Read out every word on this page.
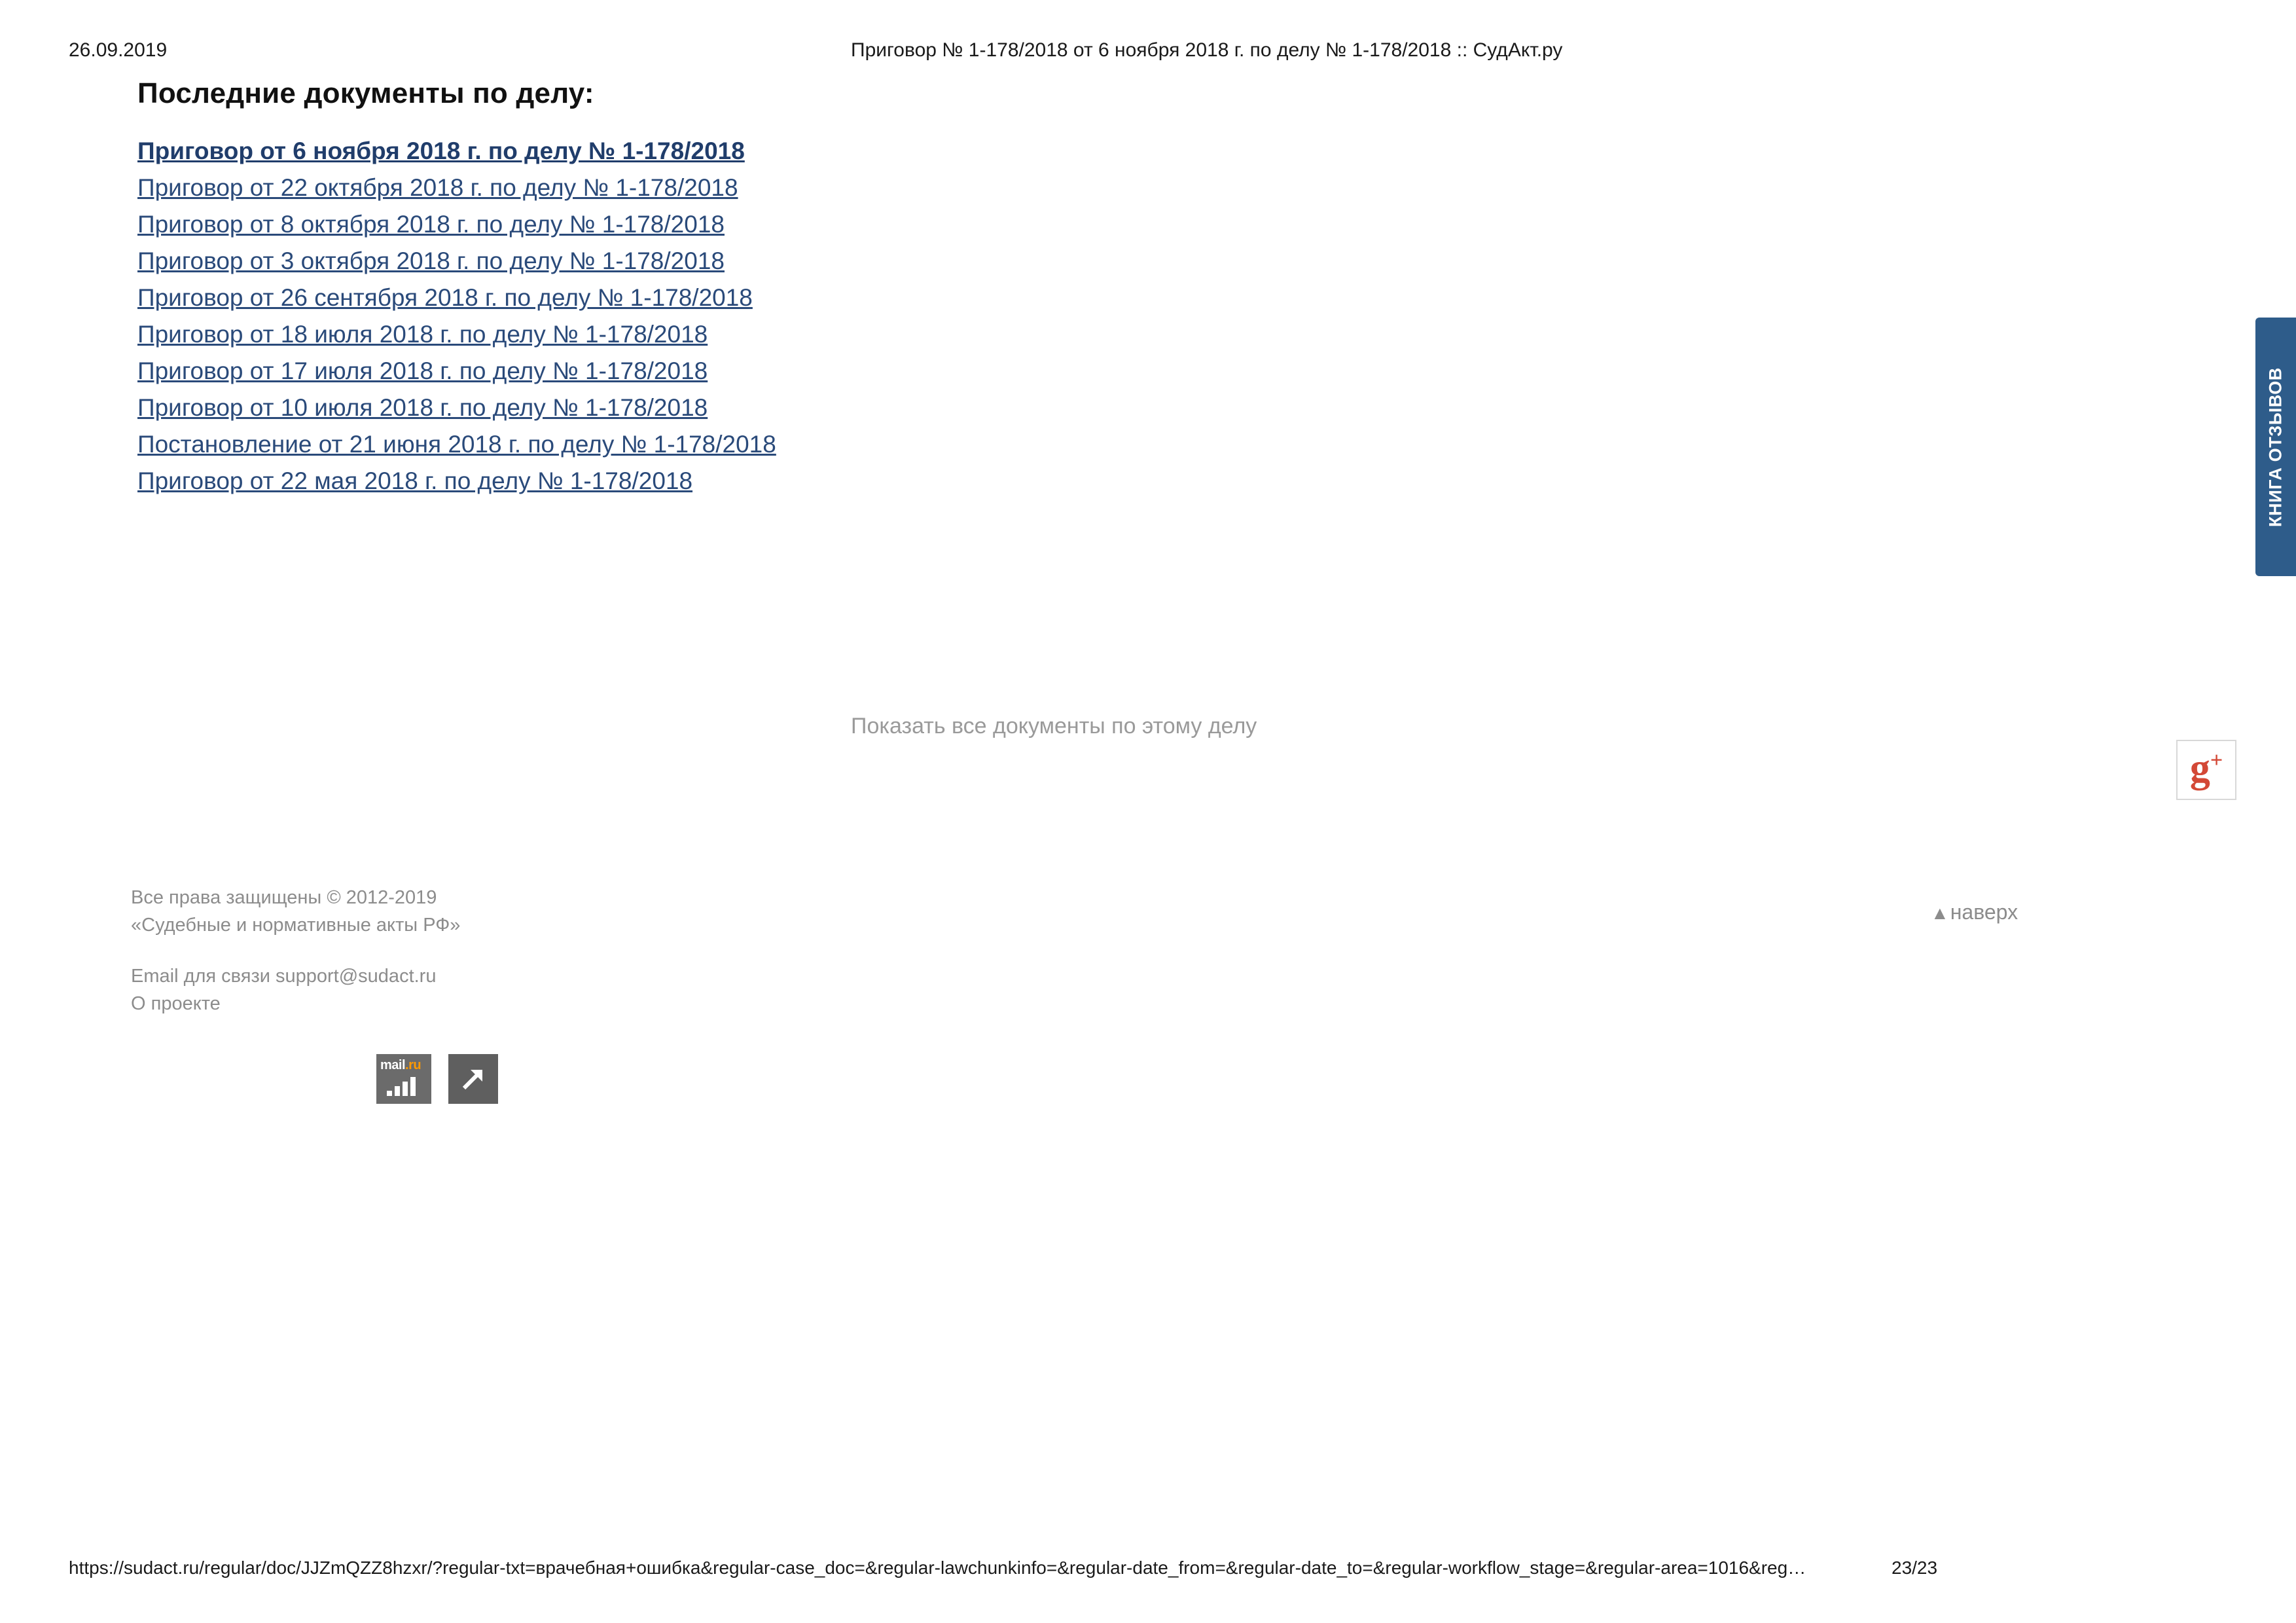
26.09.2019	Приговор № 1-178/2018 от 6 ноября 2018 г. по делу № 1-178/2018 :: СудАкт.ру
Последние документы по делу:
Приговор от 6 ноября 2018 г. по делу № 1-178/2018
Приговор от 22 октября 2018 г. по делу № 1-178/2018
Приговор от 8 октября 2018 г. по делу № 1-178/2018
Приговор от 3 октября 2018 г. по делу № 1-178/2018
Приговор от 26 сентября 2018 г. по делу № 1-178/2018
Приговор от 18 июля 2018 г. по делу № 1-178/2018
Приговор от 17 июля 2018 г. по делу № 1-178/2018
Приговор от 10 июля 2018 г. по делу № 1-178/2018
Постановление от 21 июня 2018 г. по делу № 1-178/2018
Приговор от 22 мая 2018 г. по делу № 1-178/2018
Показать все документы по этому делу
Все права защищены © 2012-2019
«Судебные и нормативные акты РФ»
Email для связи support@sudact.ru
О проекте
mail.ru
КНИГА ОТЗЫВОВ
g+
▲наверх
https://sudact.ru/regular/doc/JJZmQZZ8hzxr/?regular-txt=врачебная+ошибка&regular-case_doc=&regular-lawchunkinfo=&regular-date_from=&regular-date_to=&regular-workflow_stage=&regular-area=1016&reg…	23/23
